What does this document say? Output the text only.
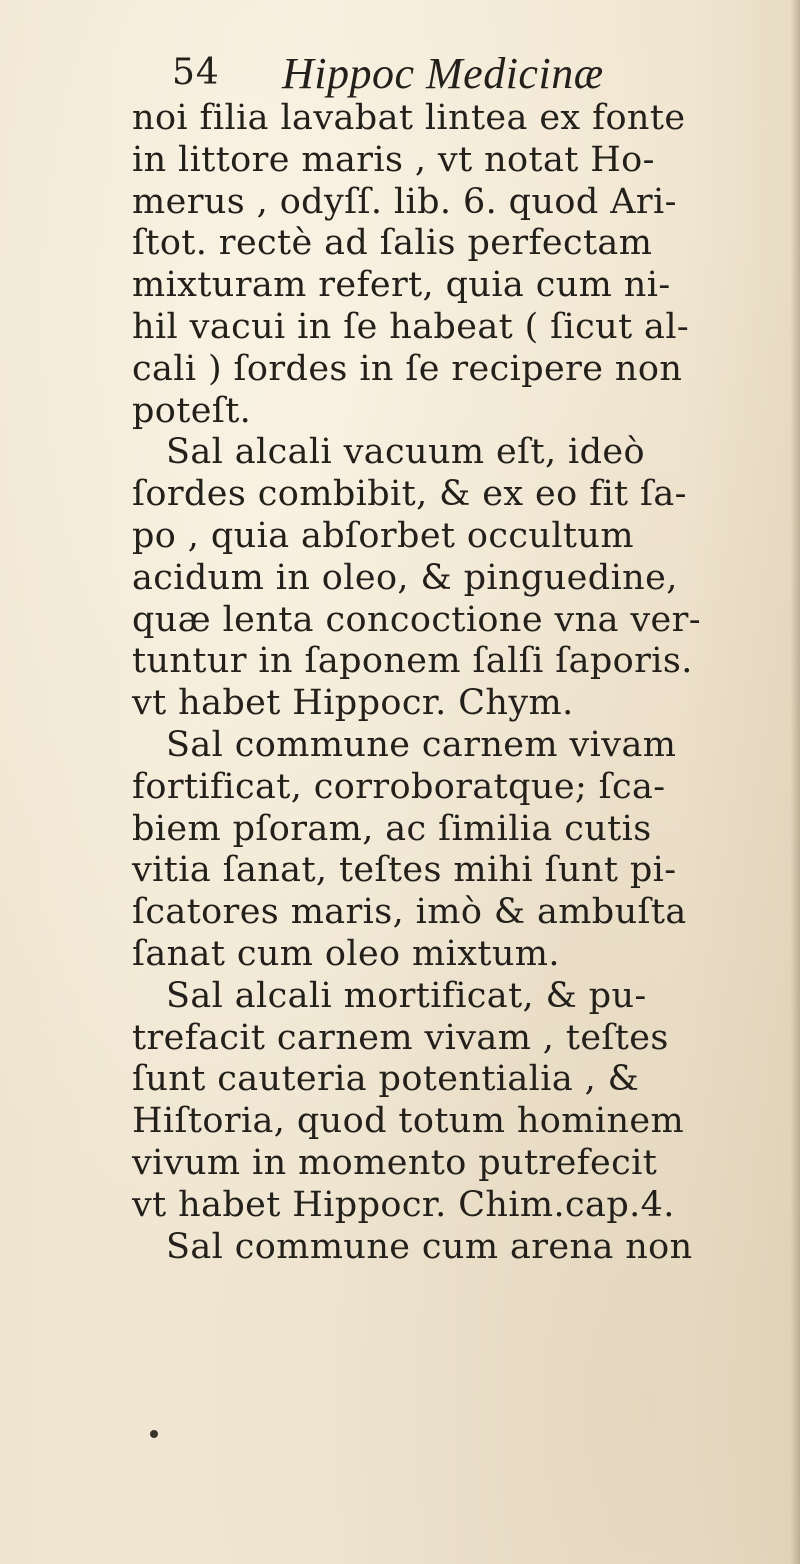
54 Hippoc Medicinæ
noi filia lavabat lintea ex fonte
in littore maris , vt notat Ho-
merus , odyſſ. lib. 6. quod Ari-
ſtot. rectè ad ſalis perfectam
mixturam refert, quia cum ni-
hil vacui in ſe habeat ( ſicut al-
cali ) ſordes in ſe recipere non
poteſt.
Sal alcali vacuum eſt, ideò
ſordes combibit, & ex eo fit ſa-
po , quia abſorbet occultum
acidum in oleo, & pinguedine,
quæ lenta concoctione vna ver-
tuntur in ſaponem ſalſi ſaporis.
vt habet Hippocr. Chym.
Sal commune carnem vivam
fortificat, corroboratque; ſca-
biem pſoram, ac ſimilia cutis
vitia ſanat, teſtes mihi ſunt pi-
ſcatores maris, imò & ambuſta
ſanat cum oleo mixtum.
Sal alcali mortificat, & pu-
trefacit carnem vivam , teſtes
ſunt cauteria potentialia , &
Hiſtoria, quod totum hominem
vivum in momento putrefecit
vt habet Hippocr. Chim.cap.4.
Sal commune cum arena non
